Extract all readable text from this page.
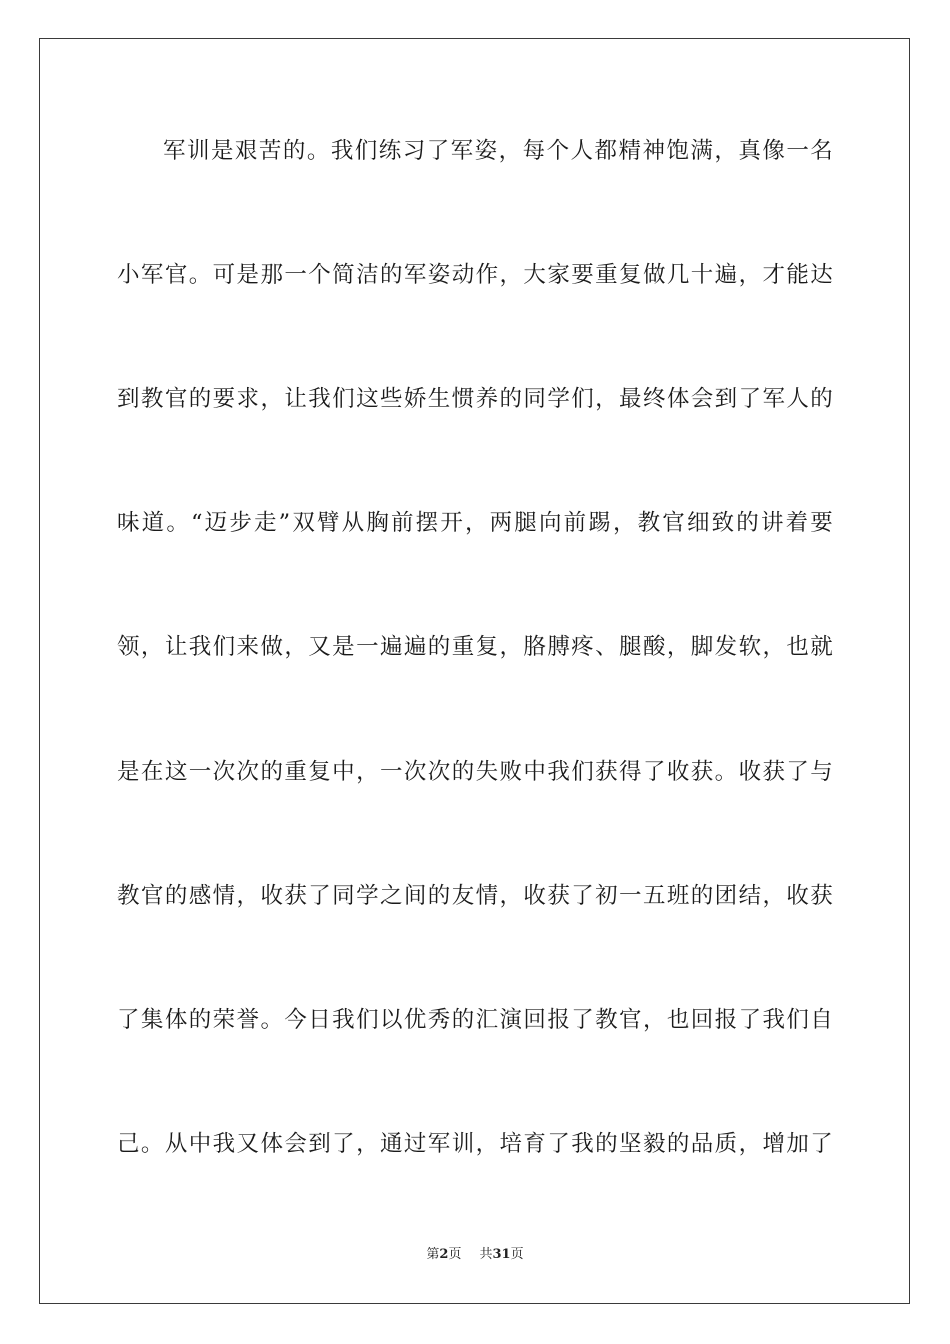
军训是艰苦的。我们练习了军姿，每个人都精神饱满，真像一名
小军官。可是那一个简洁的军姿动作，大家要重复做几十遍，才能达
到教官的要求，让我们这些娇生惯养的同学们，最终体会到了军人的
味道。“迈步走”双臂从胸前摆开，两腿向前踢，教官细致的讲着要
领，让我们来做，又是一遍遍的重复，胳膊疼、腿酸，脚发软，也就
是在这一次次的重复中，一次次的失败中我们获得了收获。收获了与
教官的感情，收获了同学之间的友情，收获了初一五班的团结，收获
了集体的荣誉。今日我们以优秀的汇演回报了教官，也回报了我们自
己。从中我又体会到了，通过军训，培育了我的坚毅的品质，增加了
第2页 共31页
